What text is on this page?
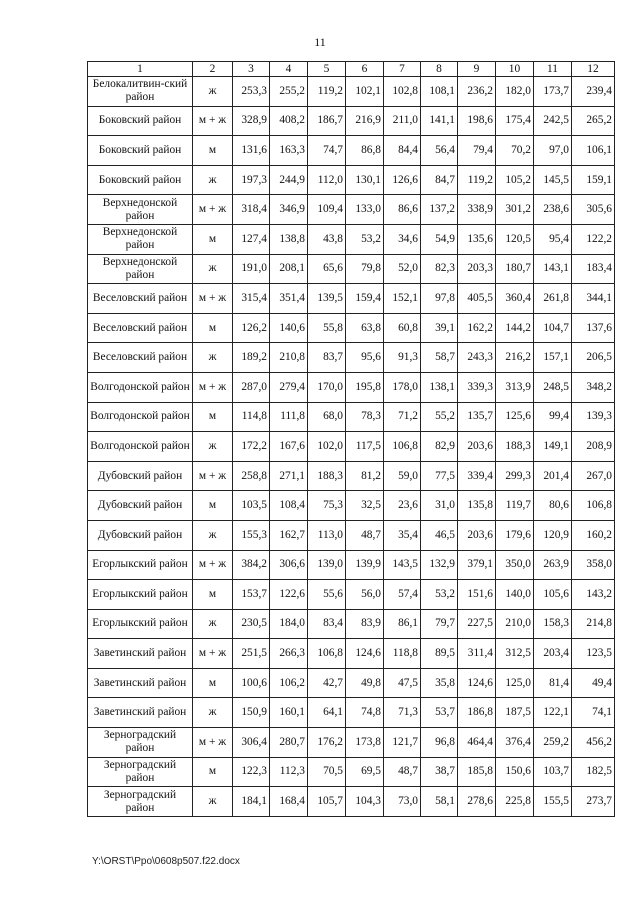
11
1	2	3	4	5	6	7	8	9	10	11	12
Белокалитвин-ский район	ж	253,3	255,2	119,2	102,1	102,8	108,1	236,2	182,0	173,7	239,4
Боковский район	м + ж	328,9	408,2	186,7	216,9	211,0	141,1	198,6	175,4	242,5	265,2
Боковский район	м	131,6	163,3	74,7	86,8	84,4	56,4	79,4	70,2	97,0	106,1
Боковский район	ж	197,3	244,9	112,0	130,1	126,6	84,7	119,2	105,2	145,5	159,1
Верхнедонской район	м + ж	318,4	346,9	109,4	133,0	86,6	137,2	338,9	301,2	238,6	305,6
Верхнедонской район	м	127,4	138,8	43,8	53,2	34,6	54,9	135,6	120,5	95,4	122,2
Верхнедонской район	ж	191,0	208,1	65,6	79,8	52,0	82,3	203,3	180,7	143,1	183,4
Веселовский район	м + ж	315,4	351,4	139,5	159,4	152,1	97,8	405,5	360,4	261,8	344,1
Веселовский район	м	126,2	140,6	55,8	63,8	60,8	39,1	162,2	144,2	104,7	137,6
Веселовский район	ж	189,2	210,8	83,7	95,6	91,3	58,7	243,3	216,2	157,1	206,5
Волгодонской район	м + ж	287,0	279,4	170,0	195,8	178,0	138,1	339,3	313,9	248,5	348,2
Волгодонской район	м	114,8	111,8	68,0	78,3	71,2	55,2	135,7	125,6	99,4	139,3
Волгодонской район	ж	172,2	167,6	102,0	117,5	106,8	82,9	203,6	188,3	149,1	208,9
Дубовский район	м + ж	258,8	271,1	188,3	81,2	59,0	77,5	339,4	299,3	201,4	267,0
Дубовский район	м	103,5	108,4	75,3	32,5	23,6	31,0	135,8	119,7	80,6	106,8
Дубовский район	ж	155,3	162,7	113,0	48,7	35,4	46,5	203,6	179,6	120,9	160,2
Егорлыкский район	м + ж	384,2	306,6	139,0	139,9	143,5	132,9	379,1	350,0	263,9	358,0
Егорлыкский район	м	153,7	122,6	55,6	56,0	57,4	53,2	151,6	140,0	105,6	143,2
Егорлыкский район	ж	230,5	184,0	83,4	83,9	86,1	79,7	227,5	210,0	158,3	214,8
Заветинский район	м + ж	251,5	266,3	106,8	124,6	118,8	89,5	311,4	312,5	203,4	123,5
Заветинский район	м	100,6	106,2	42,7	49,8	47,5	35,8	124,6	125,0	81,4	49,4
Заветинский район	ж	150,9	160,1	64,1	74,8	71,3	53,7	186,8	187,5	122,1	74,1
Зерноградский район	м + ж	306,4	280,7	176,2	173,8	121,7	96,8	464,4	376,4	259,2	456,2
Зерноградский район	м	122,3	112,3	70,5	69,5	48,7	38,7	185,8	150,6	103,7	182,5
Зерноградский район	ж	184,1	168,4	105,7	104,3	73,0	58,1	278,6	225,8	155,5	273,7
Y:\ORST\Ppo\0608p507.f22.docx
